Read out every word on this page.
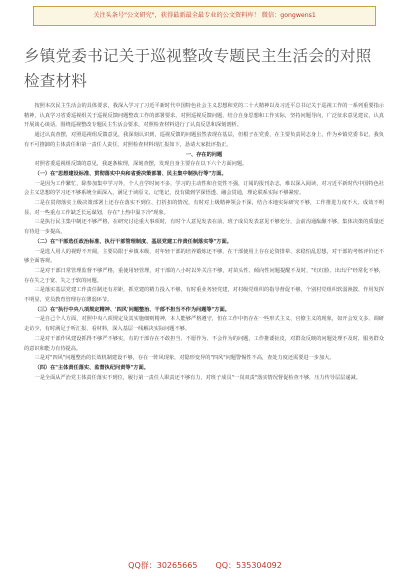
关注头条号"公文研究"，获得最新最全最专业的公文资料库！ 微信：gongwens1
乡镇党委书记关于巡视整改专题民主生活会的对照检查材料

按照本次民主生活会的具体要求，我深入学习了习近平新时代中国特色社会主义思想和党的二十大精神以及习近平总书记关于巡视工作的一系列重要指示精神，认真学习省委巡视组关于巡视反馈问题整改工作的部署要求，对照巡视反馈问题，结合自身思想和工作实际，坚持问题导向，广泛征求意见建议，认真开展谈心谈话，围绕巡视整改专题民主生活会要求，对照检查材料进行了认真反思和深刻剖析。

通过认真查摆，对照巡视组反馈意见，我深刻认识到，巡视反馈的问题虽然表现在基层，但根子在党委，在主要负责同志身上，作为乡镇党委书记，我负有不可推卸的主体责任和第一责任人责任。对照检查材料现汇报如下，恳请大家批评指正。

一、存在的问题

对照省委巡视组反馈的意见，我逐条梳理，深刻查摆，发现自身主要存在以下六个方面问题。

（一）在"思想建设标准、贯彻落实中央和省委决策部署、民主集中制执行等"方面。

一是因为工作繁忙，除参加集中学习外，个人自学时间不多，学习的主动性和自觉性不强，订阅的报刊杂志，难以深入阅读，对习近平新时代中国特色社会主义思想的学习还不够系统全面深入，满足于读原文、记笔记，没有做到学深悟透、融会贯通，理论联系实际不够紧密。

二是在贯彻落实上级决策部署上还存在落实不到位、打折扣的情况，有时对上级精神领会不深，结合本地实际研究不够，工作推进力度不大、成效不明显，对一些重点工作缺乏长远谋划，存在"上热中温下冷"现象。

三是执行民主集中制还不够严格，在研究讨论重大事项时，有时个人意见发表在前，班子成员发表意见不够充分，会前沟通酝酿不够，集体决策的质量还有待进一步提高。

（二）在"干部选任政治标准、执行干部管理制度、基层党建工作责任制落实等"方面。

一是选人用人的视野不开阔，主要局限于乡镇本级，对年轻干部的培养锻炼还不够，在干部使用上存在论资排辈、求稳怕乱思想，对干部的考核评价还不够全面客观。

二是对干部日常管理监督不够严格，重使用轻管理，对干部的八小时以外关注不够，对苗头性、倾向性问题提醒不及时，"红红脸、出出汗"经常化不够，存在失之于宽、失之于软的问题。

三是落实基层党建工作责任制还有差距，抓党建的精力投入不够，有时重业务轻党建，对村级党组织的指导督促不够，个别村党组织软弱涣散、作用发挥不明显，党员教育管理存在薄弱环节。

（三）在"执行中央八项规定精神、'四风'问题整治、干部不担当不作为问题等"方面。

一是自己个人方面，对照中央八项规定及其实施细则精神，本人能够严格遵守，但在工作中仍存在一些形式主义、官僚主义的现象，如开会发文多、调研走访少，有时满足于听汇报、看材料，深入基层一线解决实际问题不够。

二是对干部作风建设抓得不够严不够实，有的干部存在不敢担当、不愿作为、不会作为的问题，工作推诿扯皮，对群众反映的问题处理不及时，服务群众的意识和能力有待提高。

三是对"四风"问题整治的长效机制建设不够，存在一阵风现象，对隐形变异的"四风"问题警惕性不高，查处力度还需要进一步加大。

（四）在"主体责任落实、监督执纪问责等"方面。

一是全面从严治党主体责任落实不到位，履行第一责任人职责还不够有力，对班子成员"一岗双责"落实情况督促检查不够，压力传导层层递减。

QQ群：30265665 QQ：535304092
